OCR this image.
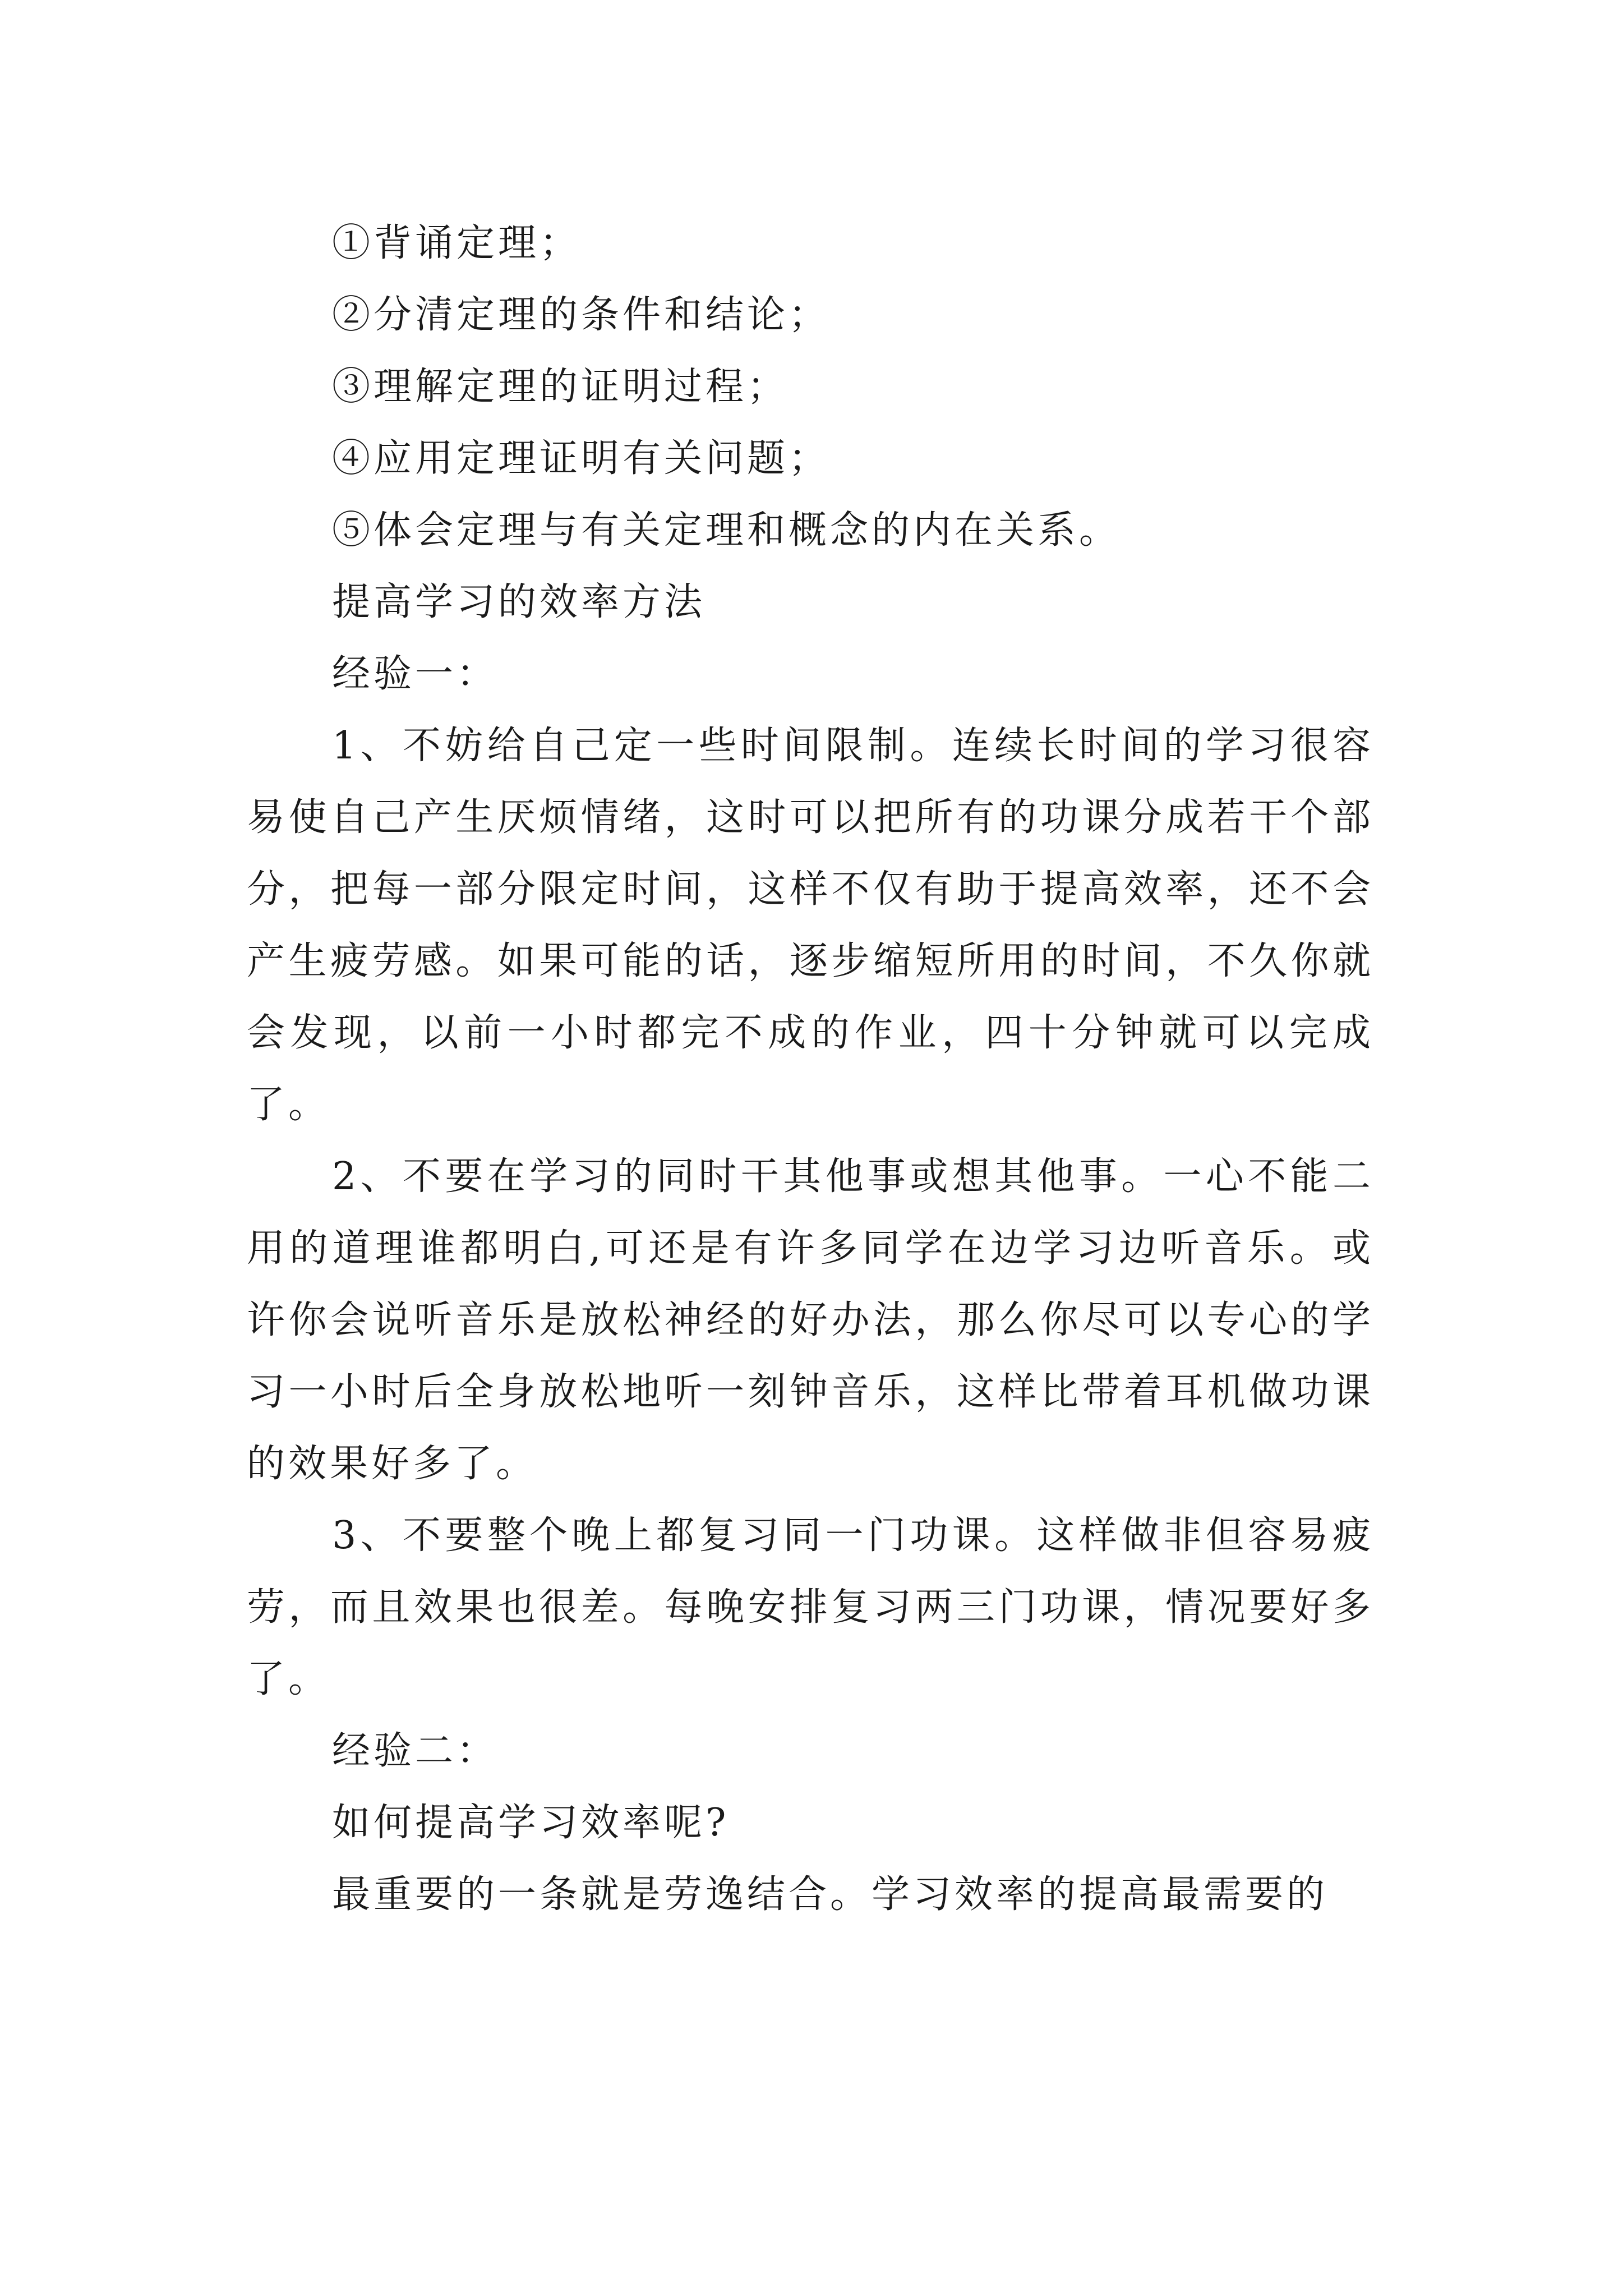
①背诵定理；

②分清定理的条件和结论；

③理解定理的证明过程；

④应用定理证明有关问题；

⑤体会定理与有关定理和概念的内在关系。

提高学习的效率方法

经验一：

1、不妨给自己定一些时间限制。连续长时间的学习很容易使自己产生厌烦情绪，这时可以把所有的功课分成若干个部分，把每一部分限定时间，这样不仅有助于提高效率，还不会产生疲劳感。如果可能的话，逐步缩短所用的时间，不久你就会发现，以前一小时都完不成的作业，四十分钟就可以完成了。

2、不要在学习的同时干其他事或想其他事。一心不能二用的道理谁都明白,可还是有许多同学在边学习边听音乐。或许你会说听音乐是放松神经的好办法，那么你尽可以专心的学习一小时后全身放松地听一刻钟音乐，这样比带着耳机做功课的效果好多了。

3、不要整个晚上都复习同一门功课。这样做非但容易疲劳，而且效果也很差。每晚安排复习两三门功课，情况要好多了。

经验二：

如何提高学习效率呢?

最重要的一条就是劳逸结合。学习效率的提高最需要的
